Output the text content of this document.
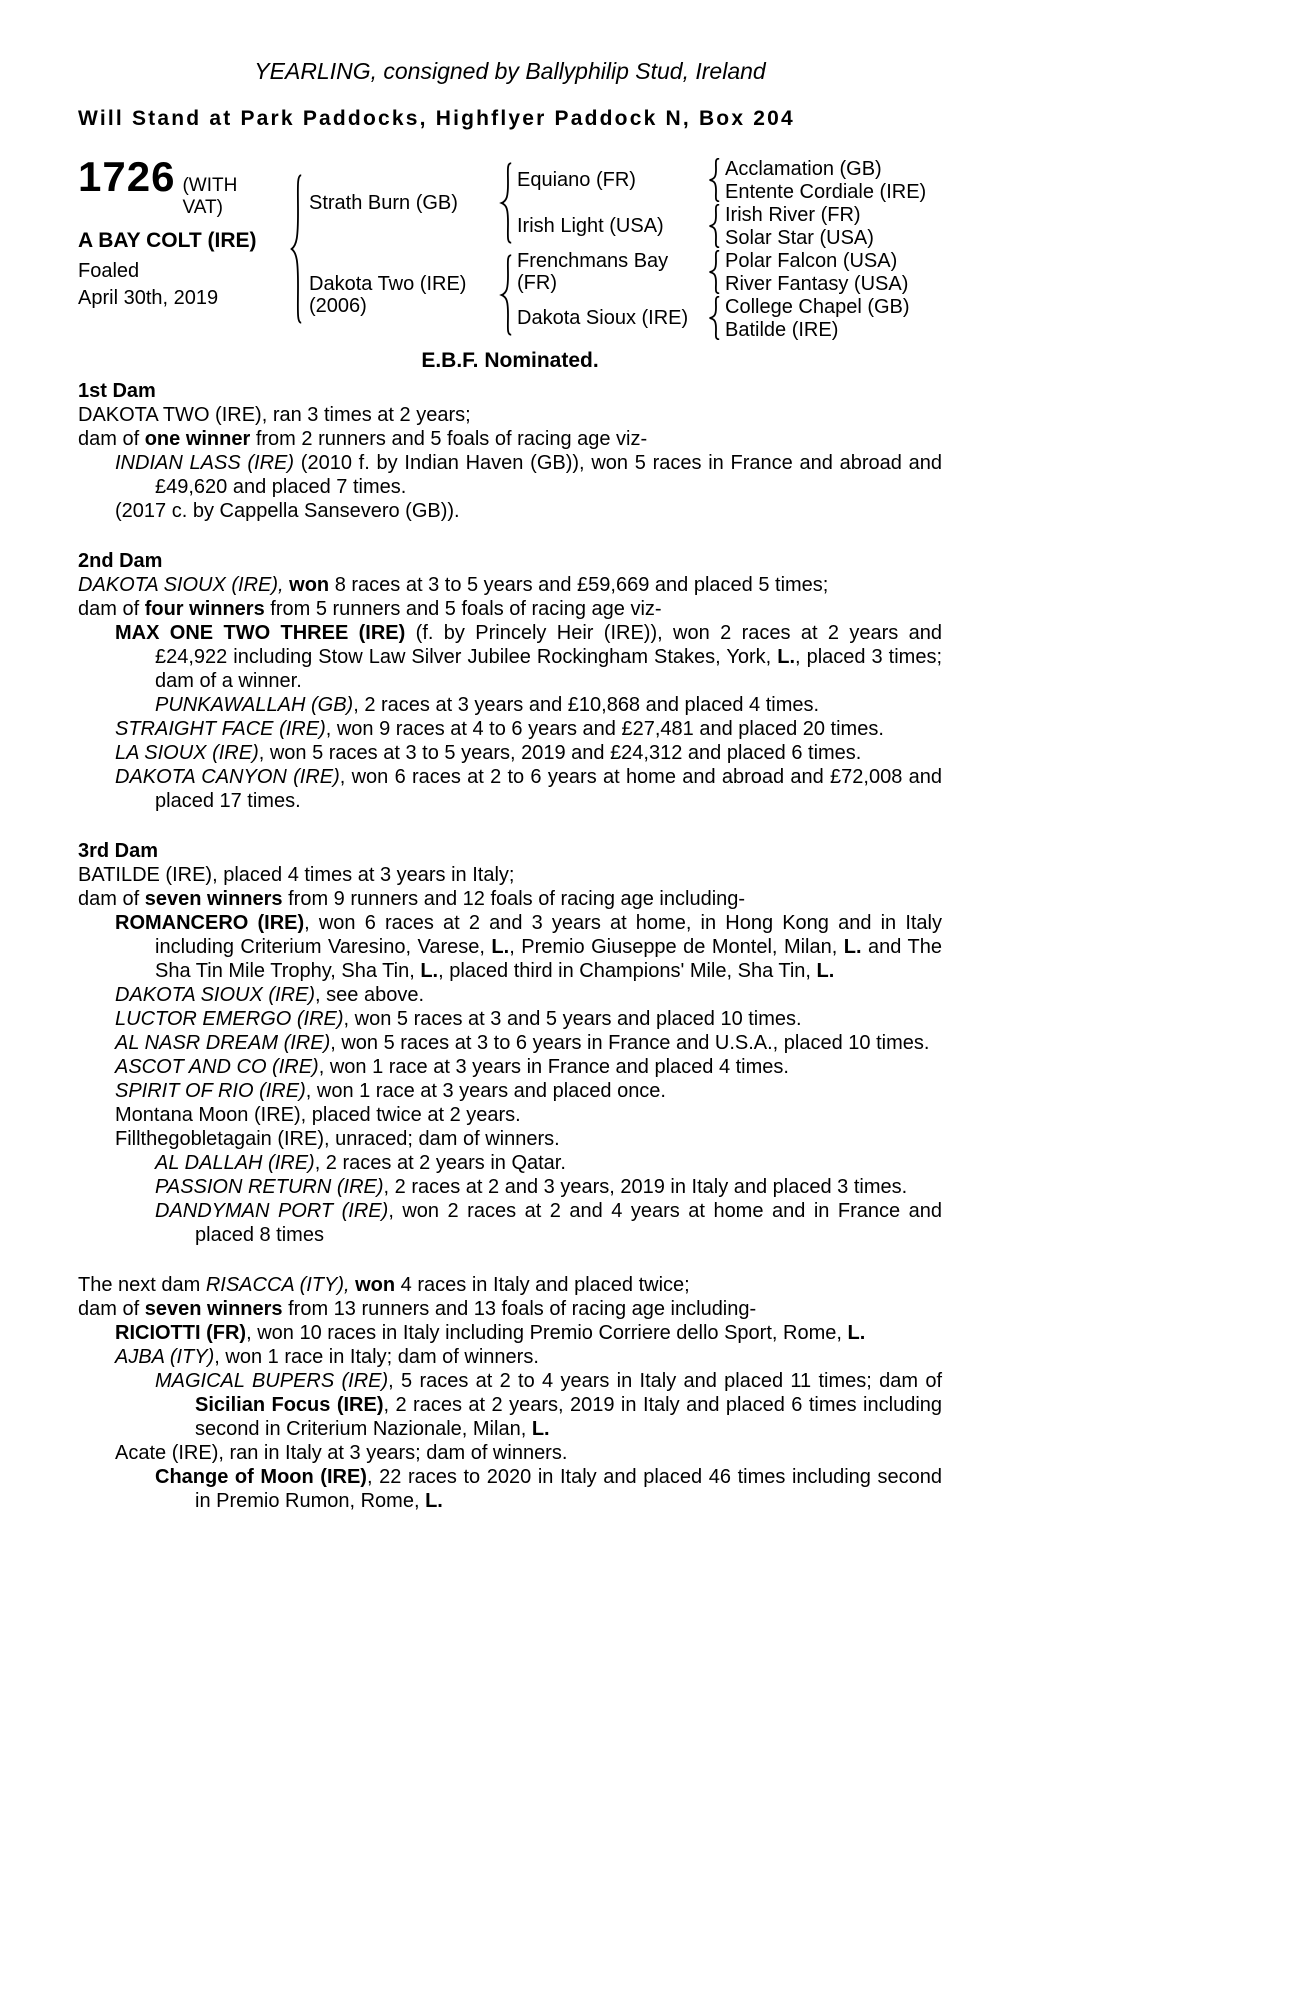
YEARLING, consigned by Ballyphilip Stud, Ireland
Will Stand at Park Paddocks, Highflyer Paddock N, Box 204
1726 (WITH VAT)
A BAY COLT (IRE)
Foaled
April 30th, 2019
Strath Burn (GB)
Dakota Two (IRE) (2006)
Equiano (FR)
Irish Light (USA)
Frenchmans Bay (FR)
Dakota Sioux (IRE)
Acclamation (GB)
Entente Cordiale (IRE)
Irish River (FR)
Solar Star (USA)
Polar Falcon (USA)
River Fantasy (USA)
College Chapel (GB)
Batilde (IRE)
E.B.F. Nominated.
1st Dam

DAKOTA TWO (IRE), ran 3 times at 2 years;

dam of one winner from 2 runners and 5 foals of racing age viz-

INDIAN LASS (IRE) (2010 f. by Indian Haven (GB)), won 5 races in France and abroad and £49,620 and placed 7 times.

(2017 c. by Cappella Sansevero (GB)).

2nd Dam

DAKOTA SIOUX (IRE), won 8 races at 3 to 5 years and £59,669 and placed 5 times;

dam of four winners from 5 runners and 5 foals of racing age viz-

MAX ONE TWO THREE (IRE) (f. by Princely Heir (IRE)), won 2 races at 2 years and £24,922 including Stow Law Silver Jubilee Rockingham Stakes, York, L., placed 3 times; dam of a winner.

PUNKAWALLAH (GB), 2 races at 3 years and £10,868 and placed 4 times.

STRAIGHT FACE (IRE), won 9 races at 4 to 6 years and £27,481 and placed 20 times.

LA SIOUX (IRE), won 5 races at 3 to 5 years, 2019 and £24,312 and placed 6 times.

DAKOTA CANYON (IRE), won 6 races at 2 to 6 years at home and abroad and £72,008 and placed 17 times.

3rd Dam

BATILDE (IRE), placed 4 times at 3 years in Italy;

dam of seven winners from 9 runners and 12 foals of racing age including-

ROMANCERO (IRE), won 6 races at 2 and 3 years at home, in Hong Kong and in Italy including Criterium Varesino, Varese, L., Premio Giuseppe de Montel, Milan, L. and The Sha Tin Mile Trophy, Sha Tin, L., placed third in Champions' Mile, Sha Tin, L.

DAKOTA SIOUX (IRE), see above.

LUCTOR EMERGO (IRE), won 5 races at 3 and 5 years and placed 10 times.

AL NASR DREAM (IRE), won 5 races at 3 to 6 years in France and U.S.A., placed 10 times.

ASCOT AND CO (IRE), won 1 race at 3 years in France and placed 4 times.

SPIRIT OF RIO (IRE), won 1 race at 3 years and placed once.

Montana Moon (IRE), placed twice at 2 years.

Fillthegobletagain (IRE), unraced; dam of winners.

AL DALLAH (IRE), 2 races at 2 years in Qatar.

PASSION RETURN (IRE), 2 races at 2 and 3 years, 2019 in Italy and placed 3 times.

DANDYMAN PORT (IRE), won 2 races at 2 and 4 years at home and in France and placed 8 times

The next dam RISACCA (ITY), won 4 races in Italy and placed twice;

dam of seven winners from 13 runners and 13 foals of racing age including-

RICIOTTI (FR), won 10 races in Italy including Premio Corriere dello Sport, Rome, L.

AJBA (ITY), won 1 race in Italy; dam of winners.

MAGICAL BUPERS (IRE), 5 races at 2 to 4 years in Italy and placed 11 times; dam of Sicilian Focus (IRE), 2 races at 2 years, 2019 in Italy and placed 6 times including second in Criterium Nazionale, Milan, L.

Acate (IRE), ran in Italy at 3 years; dam of winners.

Change of Moon (IRE), 22 races to 2020 in Italy and placed 46 times including second in Premio Rumon, Rome, L.
